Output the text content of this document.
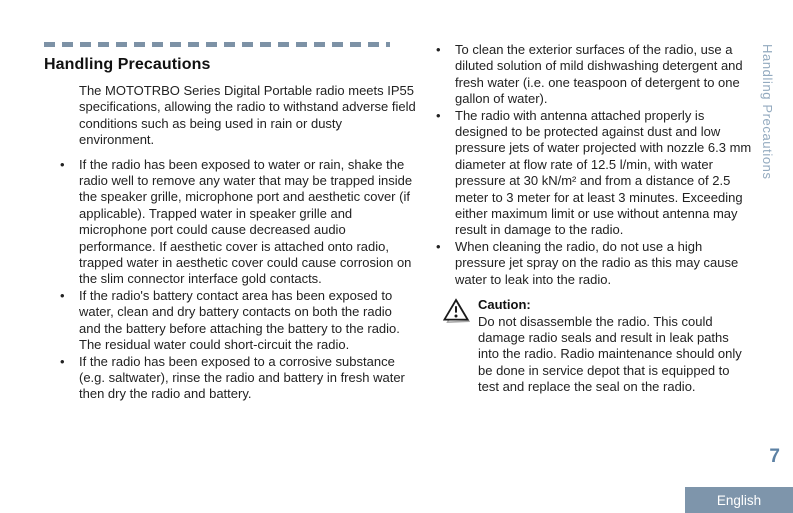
Handling Precautions

The MOTOTRBO Series Digital Portable radio meets IP55 specifications, allowing the radio to withstand adverse field conditions such as being used in rain or dusty environment.

• If the radio has been exposed to water or rain, shake the radio well to remove any water that may be trapped inside the speaker grille, microphone port and aesthetic cover (if applicable). Trapped water in speaker grille and microphone port could cause decreased audio performance. If aesthetic cover is attached onto radio, trapped water in aesthetic cover could cause corrosion on the slim connector interface gold contacts.
• If the radio's battery contact area has been exposed to water, clean and dry battery contacts on both the radio and the battery before attaching the battery to the radio. The residual water could short-circuit the radio.
• If the radio has been exposed to a corrosive substance (e.g. saltwater), rinse the radio and battery in fresh water then dry the radio and battery.
• To clean the exterior surfaces of the radio, use a diluted solution of mild dishwashing detergent and fresh water (i.e. one teaspoon of detergent to one gallon of water).
• The radio with antenna attached properly is designed to be protected against dust and low pressure jets of water projected with nozzle 6.3 mm diameter at flow rate of 12.5 l/min, with water pressure at 30 kN/m² and from a distance of 2.5 meter to 3 meter for at least 3 minutes. Exceeding either maximum limit or use without antenna may result in damage to the radio.
• When cleaning the radio, do not use a high pressure jet spray on the radio as this may cause water to leak into the radio.
Caution:
Do not disassemble the radio. This could damage radio seals and result in leak paths into the radio. Radio maintenance should only be done in service depot that is equipped to test and replace the seal on the radio.
Handling Precautions
7
English
